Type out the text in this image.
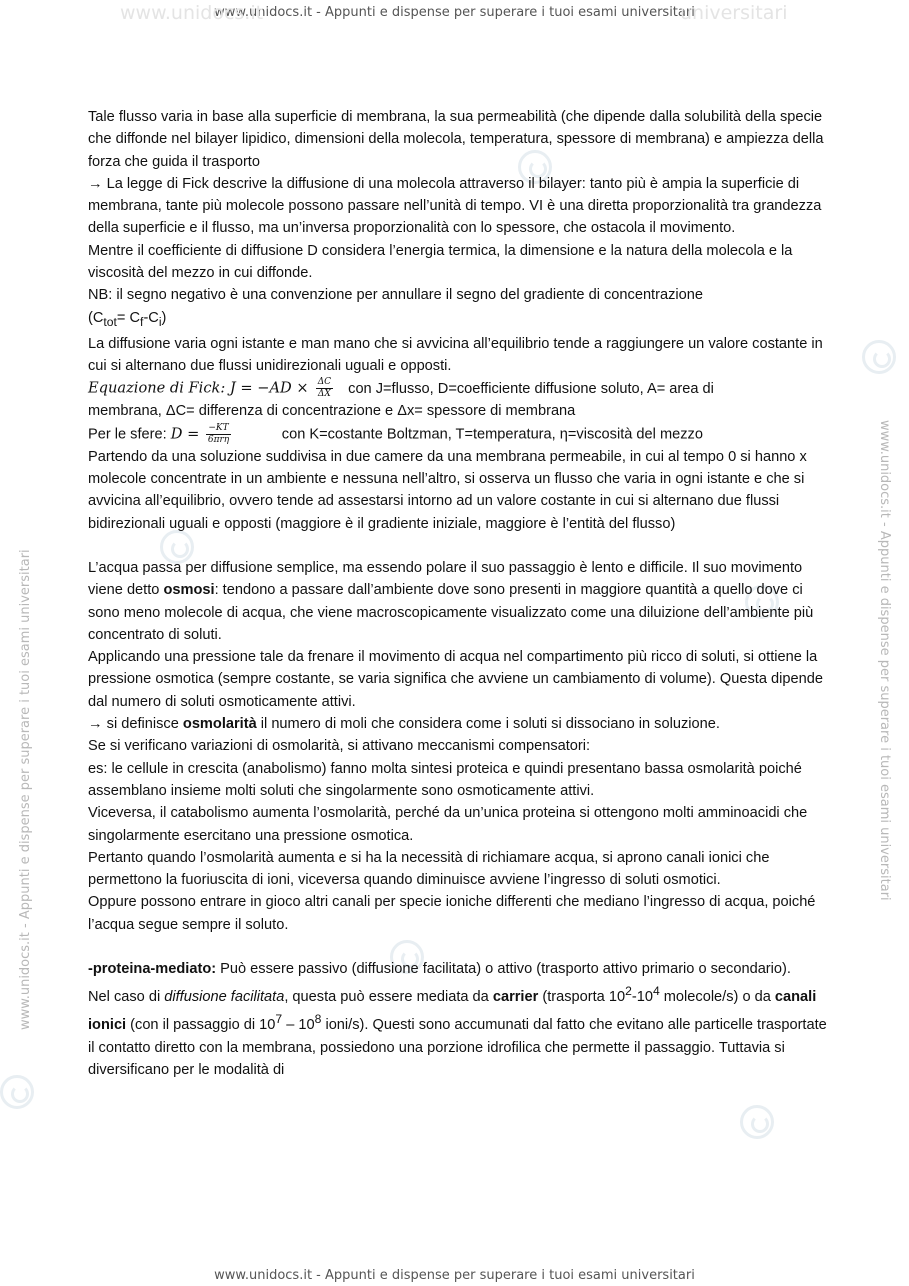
www.unidocs.it - Appunti e dispense per superare i tuoi esami universitari
www.unidocs.it	universitari
www.unidocs.it - Appunti e dispense per superare i tuoi esami universitari	www.unidocs.it - Appunti e dispense per superare i tuoi esami universitari

Tale flusso varia in base alla superficie di membrana, la sua permeabilità (che dipende dalla solubilità della specie che diffonde nel bilayer lipidico, dimensioni della molecola, temperatura, spessore di membrana) e ampiezza della forza che guida il trasporto

→ La legge di Fick descrive la diffusione di una molecola attraverso il bilayer: tanto più è ampia la superficie di membrana, tante più molecole possono passare nell’unità di tempo. VI è una diretta proporzionalità tra grandezza della superficie e il flusso, ma un’inversa proporzionalità con lo spessore, che ostacola il movimento.

Mentre il coefficiente di diffusione D considera l’energia termica, la dimensione e la natura della molecola e la viscosità del mezzo in cui diffonde.

NB: il segno negativo è una convenzione per annullare il segno del gradiente di concentrazione

$(C_{tot}= C_f-C_i)$

La diffusione varia ogni istante e man mano che si avvicina all’equilibrio tende a raggiungere un valore costante in cui si alternano due flussi unidirezionali uguali e opposti.

Equazione di Fick: $J = -AD \times \frac{\Delta C}{\Delta X}$ con J=flusso, D=coefficiente diffusione soluto, A= area di

membrana, ΔC= differenza di concentrazione e Δx= spessore di membrana

Per le sfere: $D = \frac{-KT}{\text{6πrη}}$	con K=costante Boltzman, T=temperatura, η=viscosità del mezzo

Partendo da una soluzione suddivisa in due camere da una membrana permeabile, in cui al tempo 0 si hanno x molecole concentrate in un ambiente e nessuna nell’altro, si osserva un flusso che varia in ogni istante e che si avvicina all’equilibrio, ovvero tende ad assestarsi intorno ad un valore costante in cui si alternano due flussi bidirezionali uguali e opposti (maggiore è il gradiente iniziale, maggiore è l’entità del flusso)

L’acqua passa per diffusione semplice, ma essendo polare il suo passaggio è lento e difficile. Il suo movimento viene detto osmosi: tendono a passare dall’ambiente dove sono presenti in maggiore quantità a quello dove ci sono meno molecole di acqua, che viene macroscopicamente visualizzato come una diluizione dell’ambiente più concentrato di soluti.

Applicando una pressione tale da frenare il movimento di acqua nel compartimento più ricco di soluti, si ottiene la pressione osmotica (sempre costante, se varia significa che avviene un cambiamento di volume). Questa dipende dal numero di soluti osmoticamente attivi.

→ si definisce osmolarità il numero di moli che considera come i soluti si dissociano in soluzione.

Se si verificano variazioni di osmolarità, si attivano meccanismi compensatori:

es: le cellule in crescita (anabolismo) fanno molta sintesi proteica e quindi presentano bassa osmolarità poiché assemblano insieme molti soluti che singolarmente sono osmoticamente attivi.

Viceversa, il catabolismo aumenta l’osmolarità, perché da un’unica proteina si ottengono molti amminoacidi che singolarmente esercitano una pressione osmotica.

Pertanto quando l’osmolarità aumenta e si ha la necessità di richiamare acqua, si aprono canali ionici che permettono la fuoriuscita di ioni, viceversa quando diminuisce avviene l’ingresso di soluti osmotici.

Oppure possono entrare in gioco altri canali per specie ioniche differenti che mediano l’ingresso di acqua, poiché l’acqua segue sempre il soluto.

-proteina-mediato: Può essere passivo (diffusione facilitata) o attivo (trasporto attivo primario o secondario).

Nel caso di diffusione facilitata, questa può essere mediata da carrier (trasporta $10^2-10^4$ molecole/s) o da canali ionici (con il passaggio di $10^7 - 10^8$ ioni/s). Questi sono accumunati dal fatto che evitano alle particelle trasportate il contatto diretto con la membrana, possiedono una porzione idrofilica che permette il passaggio. Tuttavia si diversificano per le modalità di

www.unidocs.it - Appunti e dispense per superare i tuoi esami universitari
